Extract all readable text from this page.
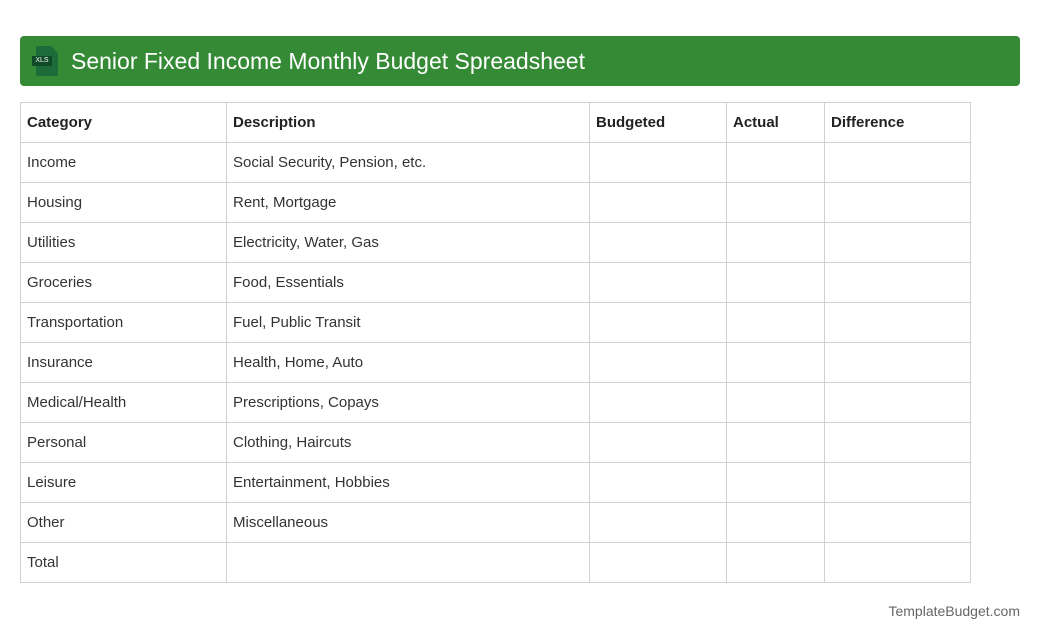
XLS Senior Fixed Income Monthly Budget Spreadsheet
Category	Description	Budgeted	Actual	Difference
Income	Social Security, Pension, etc.			
Housing	Rent, Mortgage			
Utilities	Electricity, Water, Gas			
Groceries	Food, Essentials			
Transportation	Fuel, Public Transit			
Insurance	Health, Home, Auto			
Medical/Health	Prescriptions, Copays			
Personal	Clothing, Haircuts			
Leisure	Entertainment, Hobbies			
Other	Miscellaneous			
Total				
TemplateBudget.com
